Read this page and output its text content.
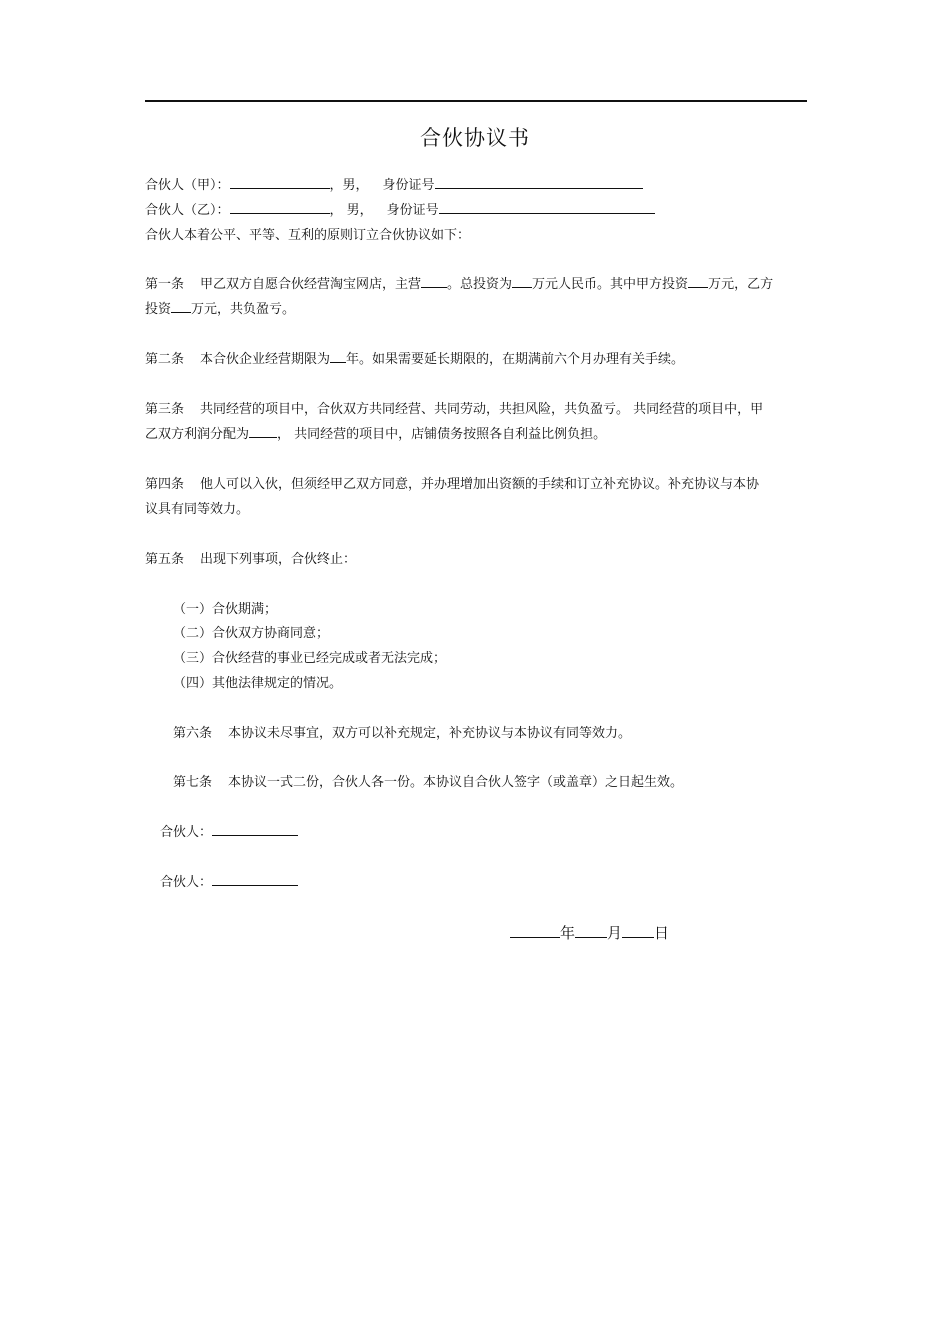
合伙协议书
合伙人（甲）：	，男， 身份证号
合伙人（乙）：	， 男， 身份证号
合伙人本着公平、平等、互利的原则订立合伙协议如下：
第一条 甲乙双方自愿合伙经营淘宝网店，主营 。总投资为 万元人民币。其中甲方投资 万元，乙方
投资 万元，共负盈亏。
第二条 本合伙企业经营期限为 年。如果需要延长期限的，在期满前六个月办理有关手续。
第三条 共同经营的项目中，合伙双方共同经营、共同劳动，共担风险，共负盈亏。 共同经营的项目中，甲
乙双方利润分配为 ， 共同经营的项目中，店铺债务按照各自利益比例负担。
第四条 他人可以入伙，但须经甲乙双方同意，并办理增加出资额的手续和订立补充协议。补充协议与本协
议具有同等效力。
第五条 出现下列事项，合伙终止：
（一）合伙期满；
（二）合伙双方协商同意；
（三）合伙经营的事业已经完成或者无法完成；
（四）其他法律规定的情况。
第六条 本协议未尽事宜，双方可以补充规定，补充协议与本协议有同等效力。
第七条 本协议一式二份，合伙人各一份。本协议自合伙人签字（或盖章）之日起生效。
合伙人：
合伙人：
年 月 日
